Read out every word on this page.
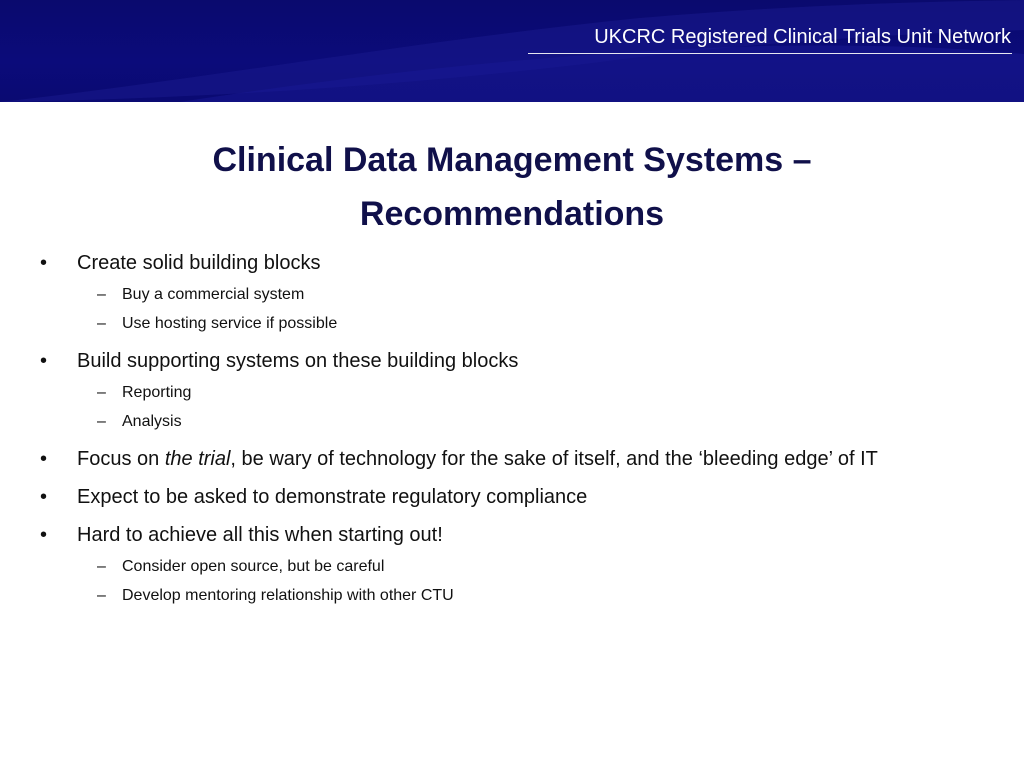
UKCRC Registered Clinical Trials Unit Network
Clinical Data Management Systems –
Recommendations
• Create solid building blocks
– Buy a commercial system
– Use hosting service if possible
• Build supporting systems on these building blocks
– Reporting
– Analysis
• Focus on the trial, be wary of technology for the sake of itself, and the ‘bleeding edge’ of IT
• Expect to be asked to demonstrate regulatory compliance
• Hard to achieve all this when starting out!
– Consider open source, but be careful
– Develop mentoring relationship with other CTU
